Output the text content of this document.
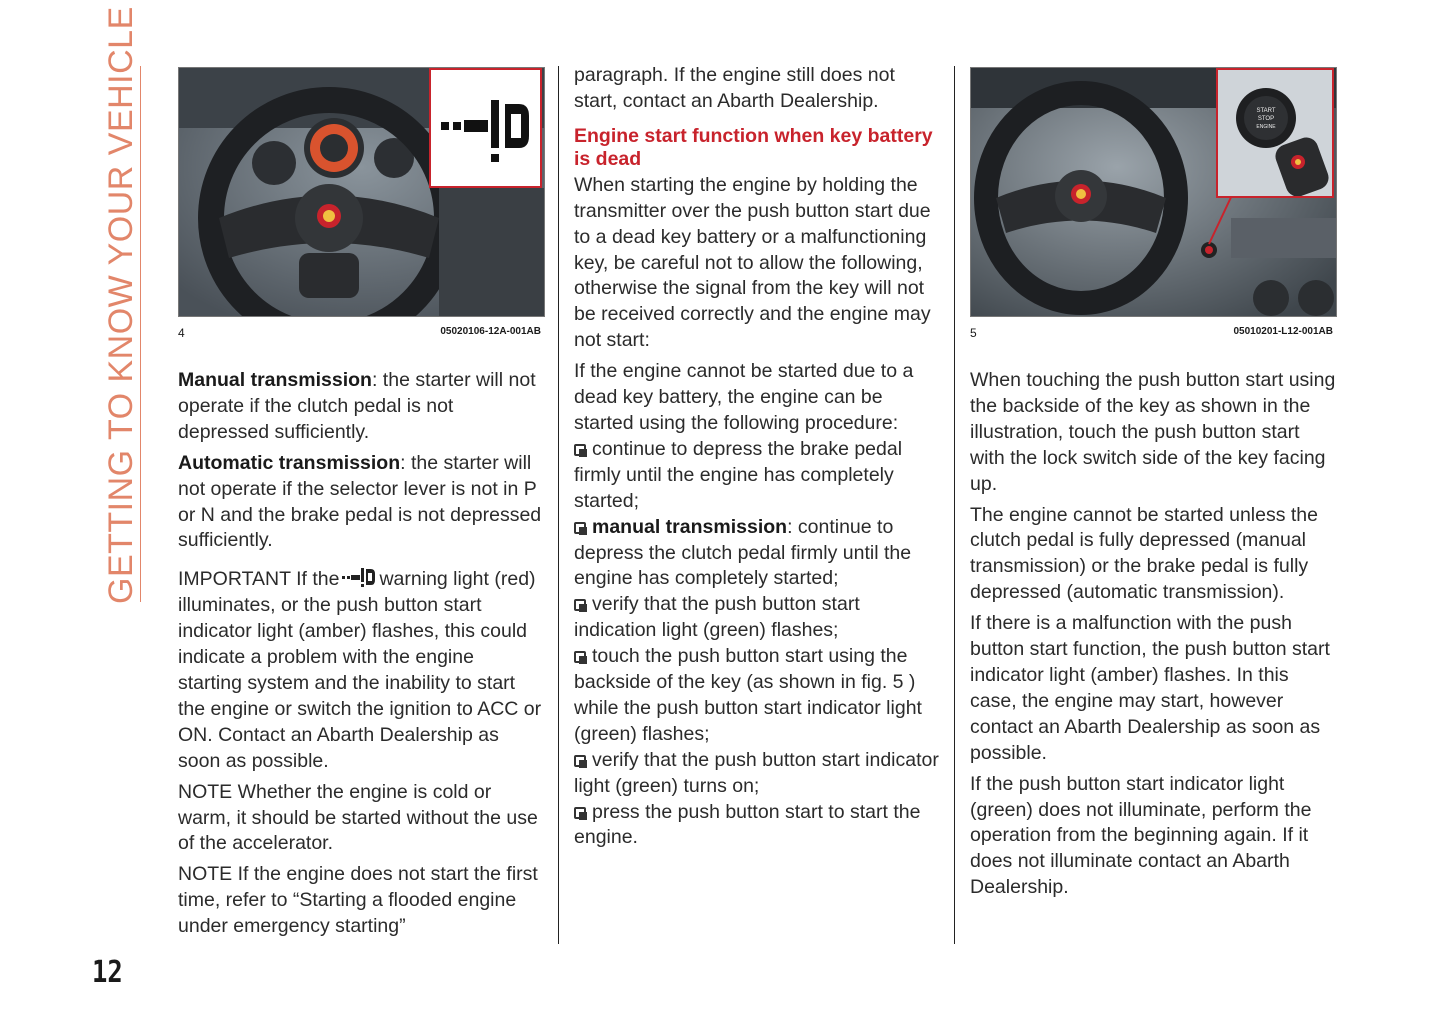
GETTING TO KNOW YOUR VEHICLE	4	05020106-12A-001AB
START
STOP
ENGINE
5	05010201-L12-001AB

Manual transmission: the starter will not operate if the clutch pedal is not depressed sufficiently.

Automatic transmission: the starter will not operate if the selector lever is not in P or N and the brake pedal is not depressed sufficiently.

IMPORTANT If the warning light (red) illuminates, or the push button start indicator light (amber) flashes, this could indicate a problem with the engine starting system and the inability to start the engine or switch the ignition to ACC or ON. Contact an Abarth Dealership as soon as possible.

NOTE Whether the engine is cold or warm, it should be started without the use of the accelerator.

NOTE If the engine does not start the first time, refer to “Starting a flooded engine under emergency starting”

paragraph. If the engine still does not start, contact an Abarth Dealership.

Engine start function when key battery is dead

When starting the engine by holding the transmitter over the push button start due to a dead key battery or a malfunctioning key, be careful not to allow the following, otherwise the signal from the key will not be received correctly and the engine may not start:

If the engine cannot be started due to a dead key battery, the engine can be started using the following procedure:

continue to depress the brake pedal firmly until the engine has completely started;
manual transmission: continue to depress the clutch pedal firmly until the engine has completely started;
verify that the push button start indication light (green) flashes;
touch the push button start using the backside of the key (as shown in fig. 5 ) while the push button start indicator light (green) flashes;
verify that the push button start indicator light (green) turns on;
press the push button start to start the engine.

When touching the push button start using the backside of the key as shown in the illustration, touch the push button start with the lock switch side of the key facing up.

The engine cannot be started unless the clutch pedal is fully depressed (manual transmission) or the brake pedal is fully depressed (automatic transmission).

If there is a malfunction with the push button start function, the push button start indicator light (amber) flashes. In this case, the engine may start, however contact an Abarth Dealership as soon as possible.

If the push button start indicator light (green) does not illuminate, perform the operation from the beginning again. If it does not illuminate contact an Abarth Dealership.

12
